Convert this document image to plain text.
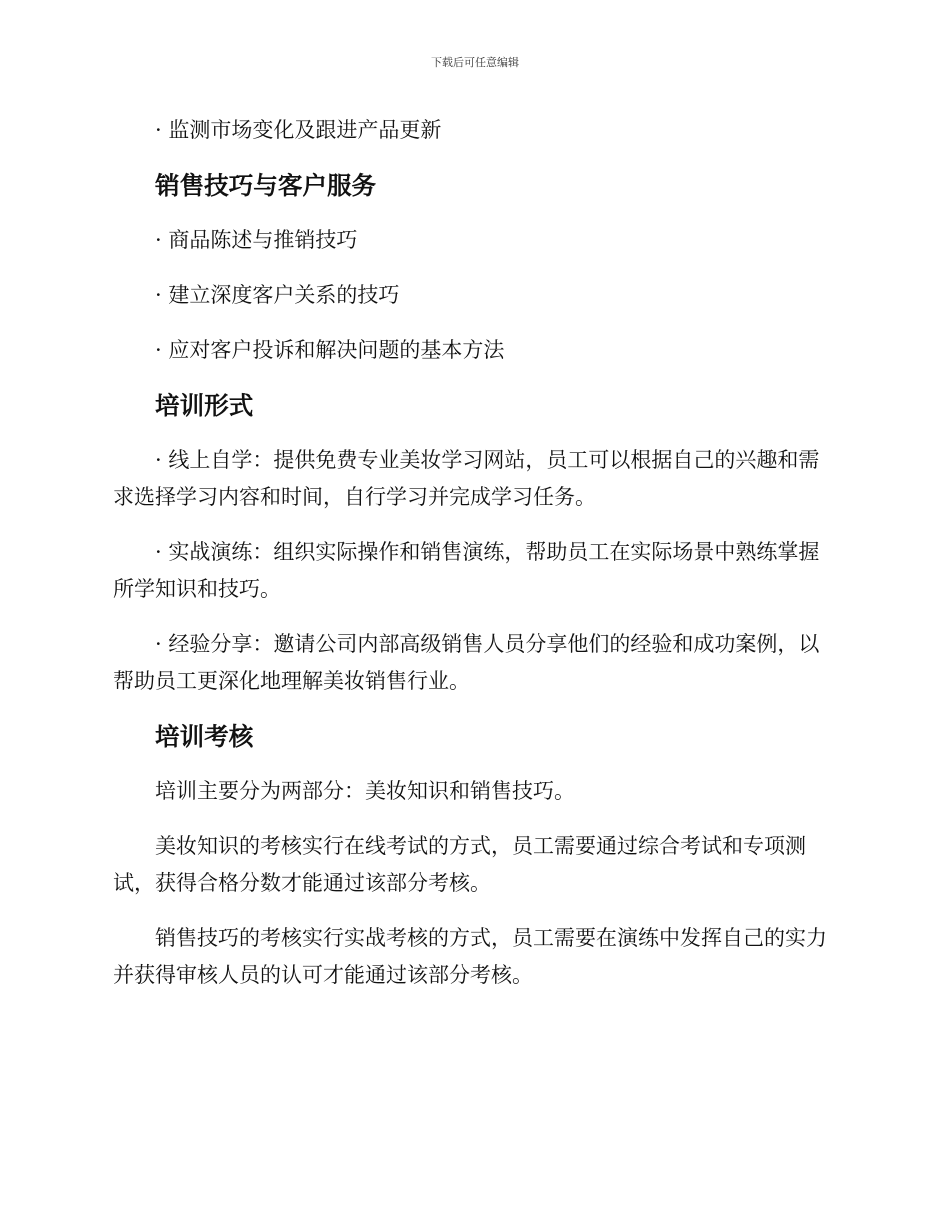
下载后可任意编辑

· 监测市场变化及跟进产品更新

销售技巧与客户服务

· 商品陈述与推销技巧

· 建立深度客户关系的技巧

· 应对客户投诉和解决问题的基本方法

培训形式

· 线上自学：提供免费专业美妆学习网站，员工可以根据自己的兴趣和需求选择学习内容和时间，自行学习并完成学习任务。

· 实战演练：组织实际操作和销售演练，帮助员工在实际场景中熟练掌握所学知识和技巧。

· 经验分享：邀请公司内部高级销售人员分享他们的经验和成功案例，以帮助员工更深化地理解美妆销售行业。

培训考核

培训主要分为两部分：美妆知识和销售技巧。

美妆知识的考核实行在线考试的方式，员工需要通过综合考试和专项测试，获得合格分数才能通过该部分考核。

销售技巧的考核实行实战考核的方式，员工需要在演练中发挥自己的实力并获得审核人员的认可才能通过该部分考核。
